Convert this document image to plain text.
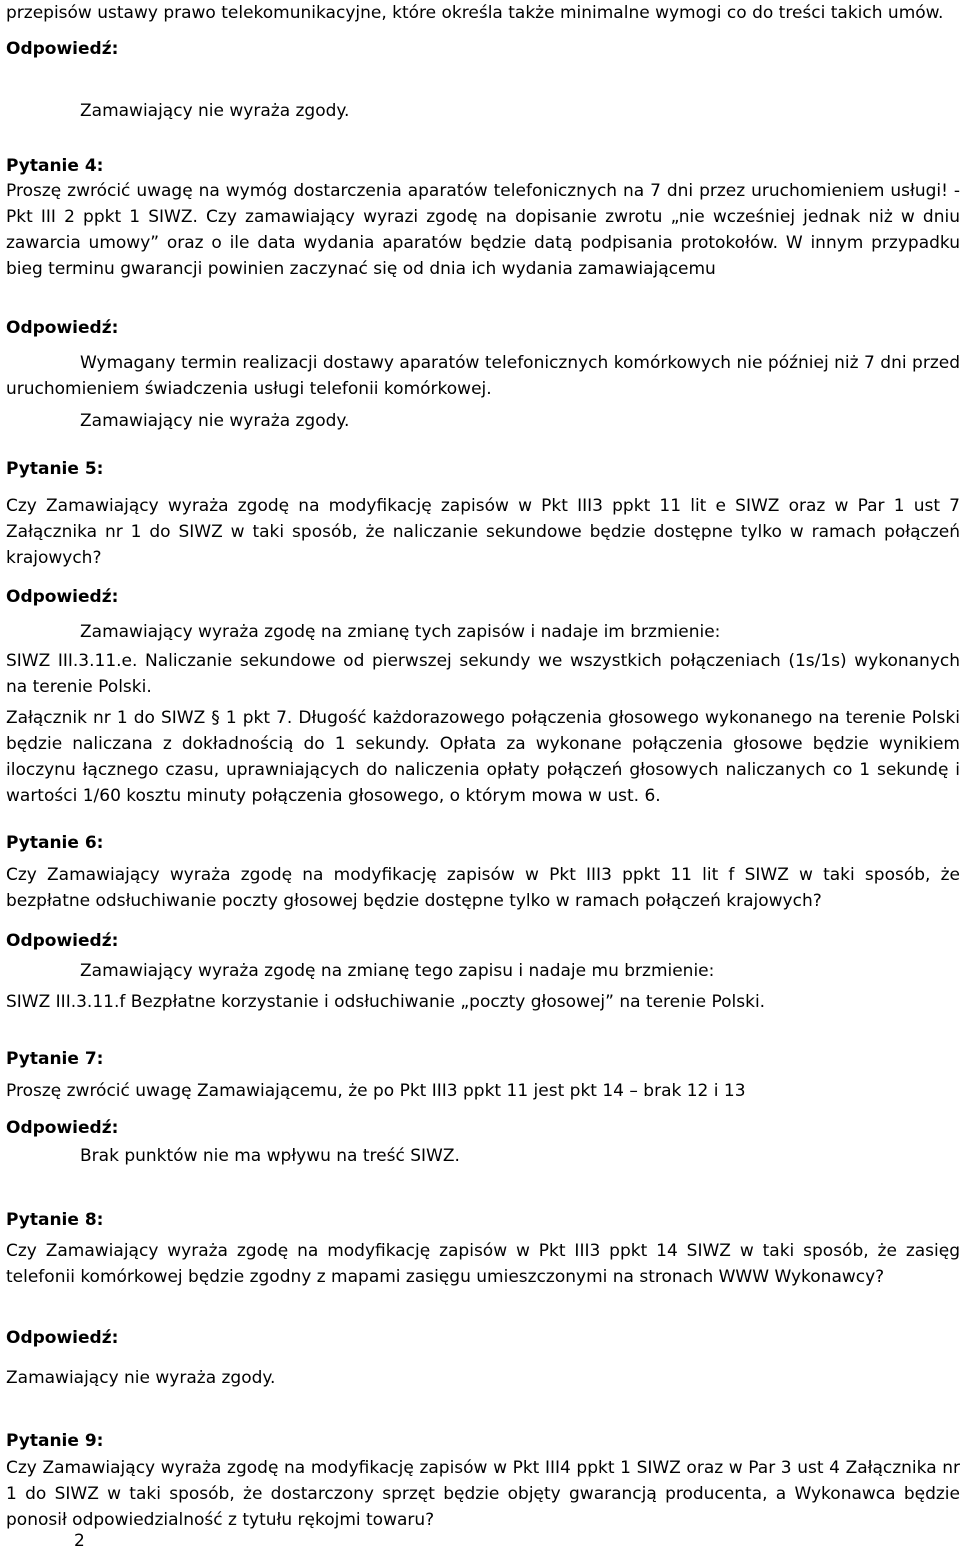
przepisów ustawy prawo telekomunikacyjne, które określa także minimalne wymogi co do treści takich umów.

Odpowiedź:

Zamawiający nie wyraża zgody.

Pytanie 4:

Proszę zwrócić uwagę na wymóg dostarczenia aparatów telefonicznych na 7 dni przez uruchomieniem usługi! - Pkt III 2 ppkt 1 SIWZ. Czy zamawiający wyrazi zgodę na dopisanie zwrotu „nie wcześniej jednak niż w dniu zawarcia umowy” oraz o ile data wydania aparatów będzie datą podpisania protokołów. W innym przypadku bieg terminu gwarancji powinien zaczynać się od dnia ich wydania zamawiającemu

Odpowiedź:

Wymagany termin realizacji dostawy aparatów telefonicznych komórkowych nie później niż 7 dni przed uruchomieniem świadczenia usługi telefonii komórkowej.

Zamawiający nie wyraża zgody.

Pytanie 5:

Czy Zamawiający wyraża zgodę na modyfikację zapisów w Pkt III3 ppkt 11 lit e SIWZ oraz w Par 1 ust 7 Załącznika nr 1 do SIWZ w taki sposób, że naliczanie sekundowe będzie dostępne tylko w ramach połączeń krajowych?

Odpowiedź:

Zamawiający wyraża zgodę na zmianę tych zapisów i nadaje im brzmienie:

SIWZ III.3.11.e. Naliczanie sekundowe od pierwszej sekundy we wszystkich połączeniach (1s/1s) wykonanych na terenie Polski.

Załącznik nr 1 do SIWZ § 1 pkt 7. Długość każdorazowego połączenia głosowego wykonanego na terenie Polski będzie naliczana z dokładnością do 1 sekundy. Opłata za wykonane połączenia głosowe będzie wynikiem iloczynu łącznego czasu, uprawniających do naliczenia opłaty połączeń głosowych naliczanych co 1 sekundę i wartości 1/60 kosztu minuty połączenia głosowego, o którym mowa w ust. 6.

Pytanie 6:

Czy Zamawiający wyraża zgodę na modyfikację zapisów w Pkt III3 ppkt 11 lit f SIWZ w taki sposób, że bezpłatne odsłuchiwanie poczty głosowej będzie dostępne tylko w ramach połączeń krajowych?

Odpowiedź:

Zamawiający wyraża zgodę na zmianę tego zapisu i nadaje mu brzmienie:

SIWZ III.3.11.f Bezpłatne korzystanie i odsłuchiwanie „poczty głosowej” na terenie Polski.

Pytanie 7:

Proszę zwrócić uwagę Zamawiającemu, że po Pkt III3 ppkt 11 jest pkt 14 – brak 12 i 13

Odpowiedź:

Brak punktów nie ma wpływu na treść SIWZ.

Pytanie 8:

Czy Zamawiający wyraża zgodę na modyfikację zapisów w Pkt III3 ppkt 14 SIWZ w taki sposób, że zasięg telefonii komórkowej będzie zgodny z mapami zasięgu umieszczonymi na stronach WWW Wykonawcy?

Odpowiedź:

Zamawiający nie wyraża zgody.

Pytanie 9:

Czy Zamawiający wyraża zgodę na modyfikację zapisów w Pkt III4 ppkt 1 SIWZ oraz w Par 3 ust 4 Załącznika nr 1 do SIWZ w taki sposób, że dostarczony sprzęt będzie objęty gwarancją producenta, a Wykonawca będzie ponosił odpowiedzialność z tytułu rękojmi towaru?

2
